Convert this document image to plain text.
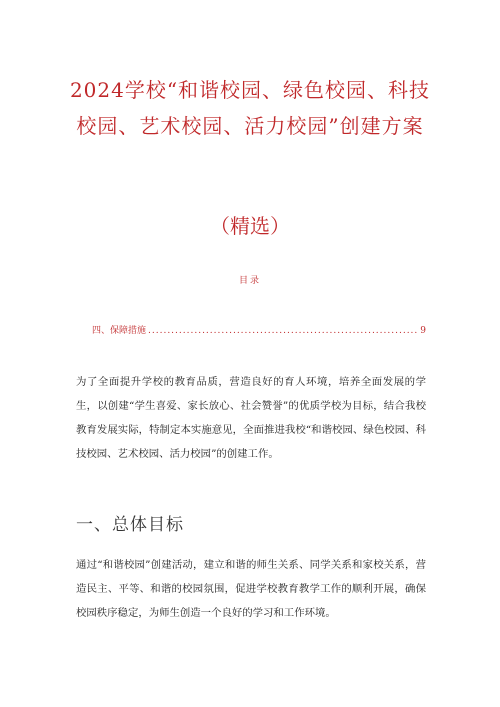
2024学校“和谐校园、绿色校园、科技校园、艺术校园、活力校园”创建方案
（精选）
目录
四、保障措施
.....	9
为了全面提升学校的教育品质，营造良好的育人环境，培养全面发展的学生，以创建“学生喜爱、家长放心、社会赞誉”的优质学校为目标，结合我校教育发展实际，特制定本实施意见，全面推进我校“和谐校园、绿色校园、科技校园、艺术校园、活力校园”的创建工作。
一、总体目标
通过“和谐校园”创建活动，建立和谐的师生关系、同学关系和家校关系，营造民主、平等、和谐的校园氛围，促进学校教育教学工作的顺利开展，确保校园秩序稳定，为师生创造一个良好的学习和工作环境。
